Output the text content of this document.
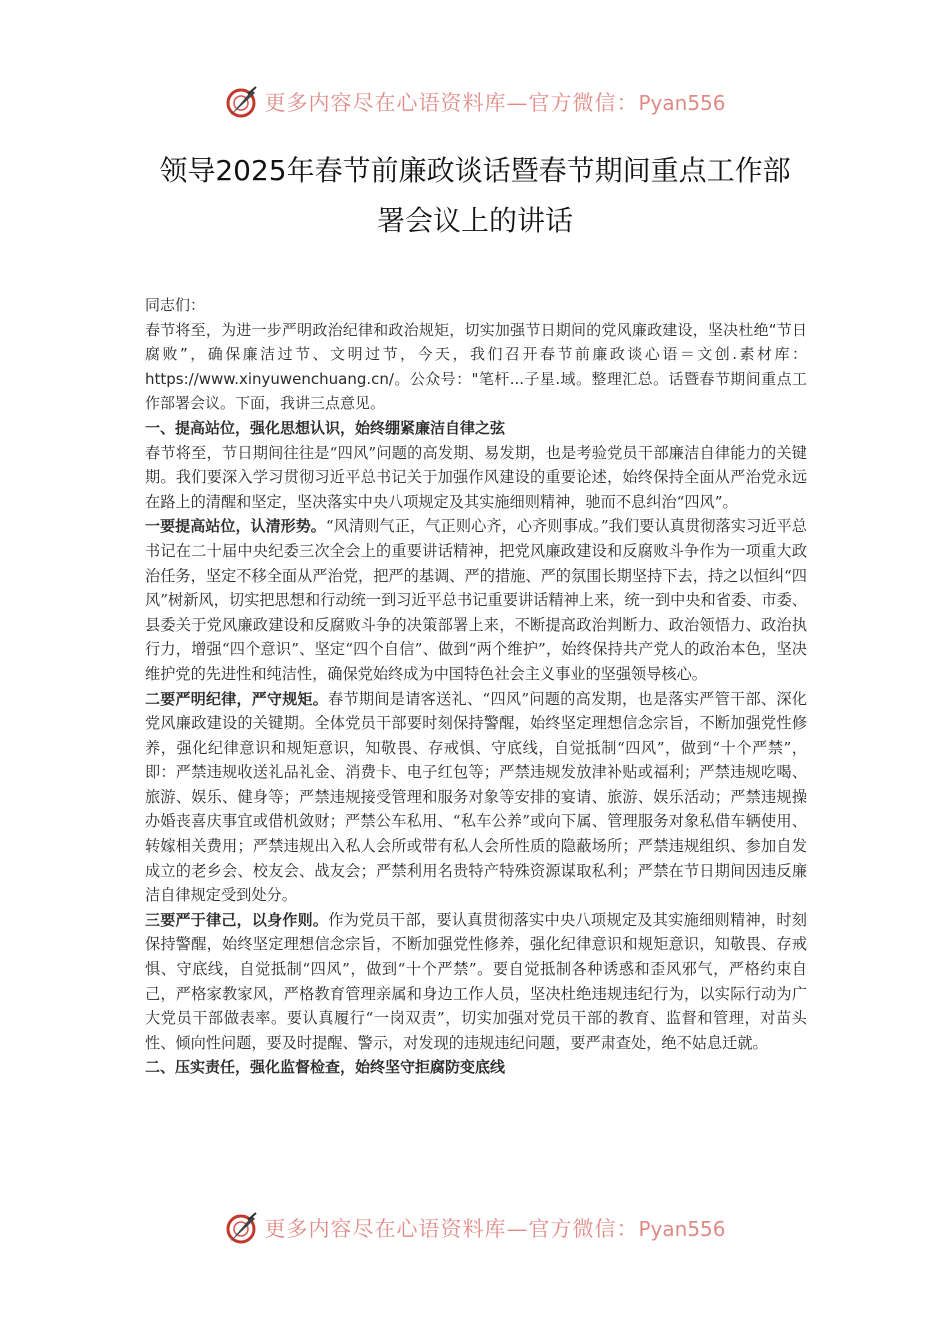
更多内容尽在心语资料库—官方微信：Pyan556
领导2025年春节前廉政谈话暨春节期间重点工作部
署会议上的讲话

同志们：

春节将至，为进一步严明政治纪律和政治规矩，切实加强节日期间的党风廉政建设，坚决杜绝“节日腐败”，确保廉洁过节、文明过节，今天，我们召开春节前廉政谈心语＝文创.素材库：https://www.xinyuwenchuang.cn/。公众号："笔杆...子星.域。整理汇总。话暨春节期间重点工作部署会议。下面，我讲三点意见。

一、提高站位，强化思想认识，始终绷紧廉洁自律之弦

春节将至，节日期间往往是“四风”问题的高发期、易发期，也是考验党员干部廉洁自律能力的关键期。我们要深入学习贯彻习近平总书记关于加强作风建设的重要论述，始终保持全面从严治党永远在路上的清醒和坚定，坚决落实中央八项规定及其实施细则精神，驰而不息纠治“四风”。

一要提高站位，认清形势。“风清则气正，气正则心齐，心齐则事成。”我们要认真贯彻落实习近平总书记在二十届中央纪委三次全会上的重要讲话精神，把党风廉政建设和反腐败斗争作为一项重大政治任务，坚定不移全面从严治党，把严的基调、严的措施、严的氛围长期坚持下去，持之以恒纠“四风”树新风，切实把思想和行动统一到习近平总书记重要讲话精神上来，统一到中央和省委、市委、县委关于党风廉政建设和反腐败斗争的决策部署上来，不断提高政治判断力、政治领悟力、政治执行力，增强“四个意识”、坚定“四个自信”、做到“两个维护”，始终保持共产党人的政治本色，坚决维护党的先进性和纯洁性，确保党始终成为中国特色社会主义事业的坚强领导核心。

二要严明纪律，严守规矩。春节期间是请客送礼、“四风”问题的高发期，也是落实严管干部、深化党风廉政建设的关键期。全体党员干部要时刻保持警醒，始终坚定理想信念宗旨，不断加强党性修养，强化纪律意识和规矩意识，知敬畏、存戒惧、守底线，自觉抵制“四风”，做到“十个严禁”，即：严禁违规收送礼品礼金、消费卡、电子红包等；严禁违规发放津补贴或福利；严禁违规吃喝、旅游、娱乐、健身等；严禁违规接受管理和服务对象等安排的宴请、旅游、娱乐活动；严禁违规操办婚丧喜庆事宜或借机敛财；严禁公车私用、“私车公养”或向下属、管理服务对象私借车辆使用、转嫁相关费用；严禁违规出入私人会所或带有私人会所性质的隐蔽场所；严禁违规组织、参加自发成立的老乡会、校友会、战友会；严禁利用名贵特产特殊资源谋取私利；严禁在节日期间因违反廉洁自律规定受到处分。

三要严于律己，以身作则。作为党员干部，要认真贯彻落实中央八项规定及其实施细则精神，时刻保持警醒，始终坚定理想信念宗旨，不断加强党性修养，强化纪律意识和规矩意识，知敬畏、存戒惧、守底线，自觉抵制“四风”，做到“十个严禁”。要自觉抵制各种诱惑和歪风邪气，严格约束自己，严格家教家风，严格教育管理亲属和身边工作人员，坚决杜绝违规违纪行为，以实际行动为广大党员干部做表率。要认真履行“一岗双责”，切实加强对党员干部的教育、监督和管理，对苗头性、倾向性问题，要及时提醒、警示，对发现的违规违纪问题，要严肃查处，绝不姑息迁就。

二、压实责任，强化监督检查，始终坚守拒腐防变底线

更多内容尽在心语资料库—官方微信：Pyan556
